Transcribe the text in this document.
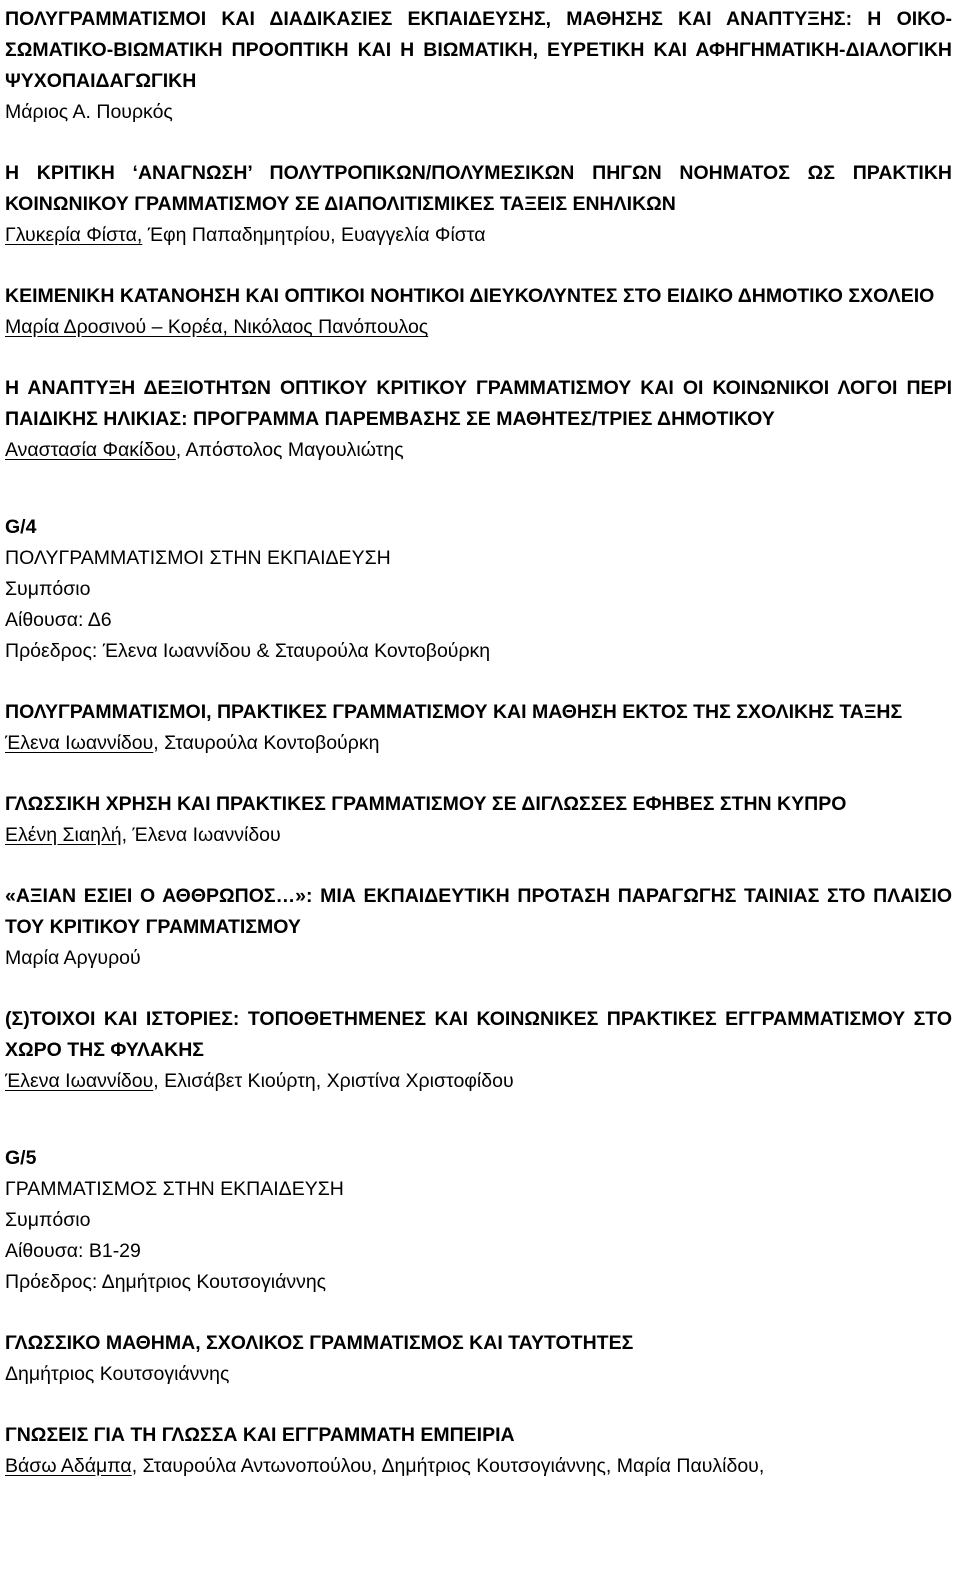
ΠΟΛΥΓΡΑΜΜΑΤΙΣΜΟΙ ΚΑΙ ΔΙΑΔΙΚΑΣΙΕΣ ΕΚΠΑΙΔΕΥΣΗΣ, ΜΑΘΗΣΗΣ ΚΑΙ ΑΝΑΠΤΥΞΗΣ: Η ΟΙΚΟ-ΣΩΜΑΤΙΚΟ-ΒΙΩΜΑΤΙΚΗ ΠΡΟΟΠΤΙΚΗ ΚΑΙ Η ΒΙΩΜΑΤΙΚΗ, ΕΥΡΕΤΙΚΗ ΚΑΙ ΑΦΗΓΗΜΑΤΙΚΗ-ΔΙΑΛΟΓΙΚΗ ΨΥΧΟΠΑΙΔΑΓΩΓΙΚΗ

Μάριος Α. Πουρκός

Η ΚΡΙΤΙΚΗ ‘ΑΝΑΓΝΩΣΗ’ ΠΟΛΥΤΡΟΠΙΚΩΝ/ΠΟΛΥΜΕΣΙΚΩΝ ΠΗΓΩΝ ΝΟΗΜΑΤΟΣ ΩΣ ΠΡΑΚΤΙΚΗ ΚΟΙΝΩΝΙΚΟΥ ΓΡΑΜΜΑΤΙΣΜΟΥ ΣΕ ΔΙΑΠΟΛΙΤΙΣΜΙΚΕΣ ΤΑΞΕΙΣ ΕΝΗΛΙΚΩΝ

Γλυκερία Φίστα, Έφη Παπαδημητρίου, Ευαγγελία Φίστα

ΚΕΙΜΕΝΙΚΗ ΚΑΤΑΝΟΗΣΗ ΚΑΙ ΟΠΤΙΚΟΙ ΝΟΗΤΙΚΟΙ ΔΙΕΥΚΟΛΥΝΤΕΣ ΣΤΟ ΕΙΔΙΚΟ ΔΗΜΟΤΙΚΟ ΣΧΟΛΕΙΟ

Μαρία Δροσινού – Κορέα, Νικόλαος Πανόπουλος

Η ΑΝΑΠΤΥΞΗ ΔΕΞΙΟΤΗΤΩΝ ΟΠΤΙΚΟΥ ΚΡΙΤΙΚΟΥ ΓΡΑΜΜΑΤΙΣΜΟΥ ΚΑΙ ΟΙ ΚΟΙΝΩΝΙΚΟΙ ΛΟΓΟΙ ΠΕΡΙ ΠΑΙΔΙΚΗΣ ΗΛΙΚΙΑΣ: ΠΡΟΓΡΑΜΜΑ ΠΑΡΕΜΒΑΣΗΣ ΣΕ ΜΑΘΗΤΕΣ/ΤΡΙΕΣ ΔΗΜΟΤΙΚΟΥ

Αναστασία Φακίδου, Απόστολος Μαγουλιώτης

G/4

ΠΟΛΥΓΡΑΜΜΑΤΙΣΜΟΙ ΣΤΗΝ ΕΚΠΑΙΔΕΥΣΗ

Συμπόσιο

Αίθουσα: Δ6

Πρόεδρος: Έλενα Ιωαννίδου & Σταυρούλα Κοντοβούρκη

ΠΟΛΥΓΡΑΜΜΑΤΙΣΜΟΙ, ΠΡΑΚΤΙΚΕΣ ΓΡΑΜΜΑΤΙΣΜΟΥ ΚΑΙ ΜΑΘΗΣΗ ΕΚΤΟΣ ΤΗΣ ΣΧΟΛΙΚΗΣ ΤΑΞΗΣ

Έλενα Ιωαννίδου, Σταυρούλα Κοντοβούρκη

ΓΛΩΣΣΙΚΗ ΧΡΗΣΗ ΚΑΙ ΠΡΑΚΤΙΚΕΣ ΓΡΑΜΜΑΤΙΣΜΟΥ ΣΕ ΔΙΓΛΩΣΣΕΣ ΕΦΗΒΕΣ ΣΤΗΝ ΚΥΠΡΟ

Ελένη Σιαηλή, Έλενα Ιωαννίδου

«ΑΞΙΑΝ ΕΣΙΕΙ Ο ΑΘΘΡΩΠΟΣ…»: ΜΙΑ ΕΚΠΑΙΔΕΥΤΙΚΗ ΠΡΟΤΑΣΗ ΠΑΡΑΓΩΓΗΣ ΤΑΙΝΙΑΣ ΣΤΟ ΠΛΑΙΣΙΟ ΤΟΥ ΚΡΙΤΙΚΟΥ ΓΡΑΜΜΑΤΙΣΜΟΥ

Μαρία Αργυρού

(Σ)ΤΟΙΧΟΙ ΚΑΙ ΙΣΤΟΡΙΕΣ: ΤΟΠΟΘΕΤΗΜΕΝΕΣ ΚΑΙ ΚΟΙΝΩΝΙΚΕΣ ΠΡΑΚΤΙΚΕΣ ΕΓΓΡΑΜΜΑΤΙΣΜΟΥ ΣΤΟ ΧΩΡΟ ΤΗΣ ΦΥΛΑΚΗΣ

Έλενα Ιωαννίδου, Ελισάβετ Κιούρτη, Χριστίνα Χριστοφίδου

G/5

ΓΡΑΜΜΑΤΙΣΜΟΣ ΣΤΗΝ ΕΚΠΑΙΔΕΥΣΗ

Συμπόσιο

Αίθουσα: Β1-29

Πρόεδρος: Δημήτριος Κουτσογιάννης

ΓΛΩΣΣΙΚΟ ΜΑΘΗΜΑ, ΣΧΟΛΙΚΟΣ ΓΡΑΜΜΑΤΙΣΜΟΣ ΚΑΙ ΤΑΥΤΟΤΗΤΕΣ

Δημήτριος Κουτσογιάννης

ΓΝΩΣΕΙΣ ΓΙΑ ΤΗ ΓΛΩΣΣΑ ΚΑΙ ΕΓΓΡΑΜΜΑΤΗ ΕΜΠΕΙΡΙΑ

Βάσω Αδάμπα, Σταυρούλα Αντωνοπούλου, Δημήτριος Κουτσογιάννης, Μαρία Παυλίδου,
